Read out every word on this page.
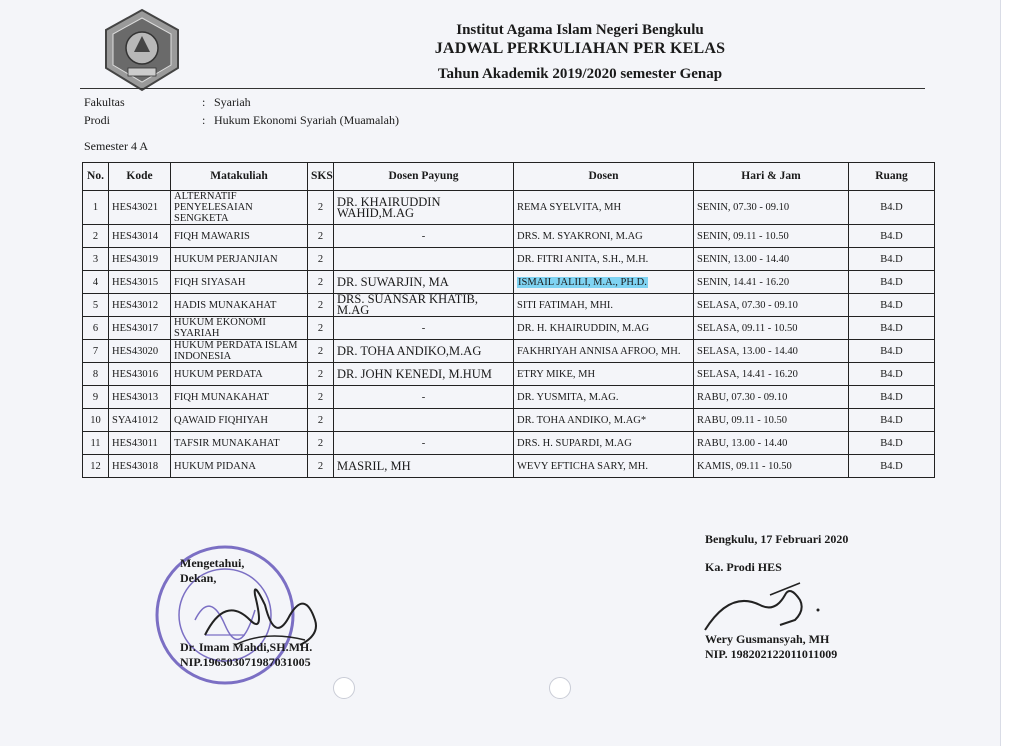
Institut Agama Islam Negeri Bengkulu
JADWAL PERKULIAHAN PER KELAS
Tahun Akademik 2019/2020 semester Genap
Fakultas	: Syariah
Prodi	: Hukum Ekonomi Syariah (Muamalah)
Semester 4 A
No.	Kode	Matakuliah	SKS	Dosen Payung	Dosen	Hari & Jam	Ruang
1	HES43021	ALTERNATIF PENYELESAIAN SENGKETA	2	DR. KHAIRUDDIN WAHID,M.AG	REMA SYELVITA, MH	SENIN, 07.30 - 09.10	B4.D
2	HES43014	FIQH MAWARIS	2	-	DRS. M. SYAKRONI, M.AG	SENIN, 09.11 - 10.50	B4.D
3	HES43019	HUKUM PERJANJIAN	2		DR. FITRI ANITA, S.H., M.H.	SENIN, 13.00 - 14.40	B4.D
4	HES43015	FIQH SIYASAH	2	DR. SUWARJIN, MA	ISMAIL JALILI, M.A., PH.D.	SENIN, 14.41 - 16.20	B4.D
5	HES43012	HADIS MUNAKAHAT	2	DRS. SUANSAR KHATIB, M.AG	SITI FATIMAH, MHI.	SELASA, 07.30 - 09.10	B4.D
6	HES43017	HUKUM EKONOMI SYARIAH	2	-	DR. H. KHAIRUDDIN, M.AG	SELASA, 09.11 - 10.50	B4.D
7	HES43020	HUKUM PERDATA ISLAM INDONESIA	2	DR. TOHA ANDIKO,M.AG	FAKHRIYAH ANNISA AFROO, MH.	SELASA, 13.00 - 14.40	B4.D
8	HES43016	HUKUM PERDATA	2	DR. JOHN KENEDI, M.HUM	ETRY MIKE, MH	SELASA, 14.41 - 16.20	B4.D
9	HES43013	FIQH MUNAKAHAT	2	-	DR. YUSMITA, M.AG.	RABU, 07.30 - 09.10	B4.D
10	SYA41012	QAWAID FIQHIYAH	2		DR. TOHA ANDIKO, M.AG*	RABU, 09.11 - 10.50	B4.D
11	HES43011	TAFSIR MUNAKAHAT	2	-	DRS. H. SUPARDI, M.AG	RABU, 13.00 - 14.40	B4.D
12	HES43018	HUKUM PIDANA	2	MASRIL, MH	WEVY EFTICHA SARY, MH.	KAMIS, 09.11 - 10.50	B4.D
Mengetahui,
Dekan,
Dr. Imam Mahdi,SH.MH.
NIP.196503071987031005
Bengkulu, 17 Februari 2020
Ka. Prodi HES
Wery Gusmansyah, MH
NIP. 198202122011011009
